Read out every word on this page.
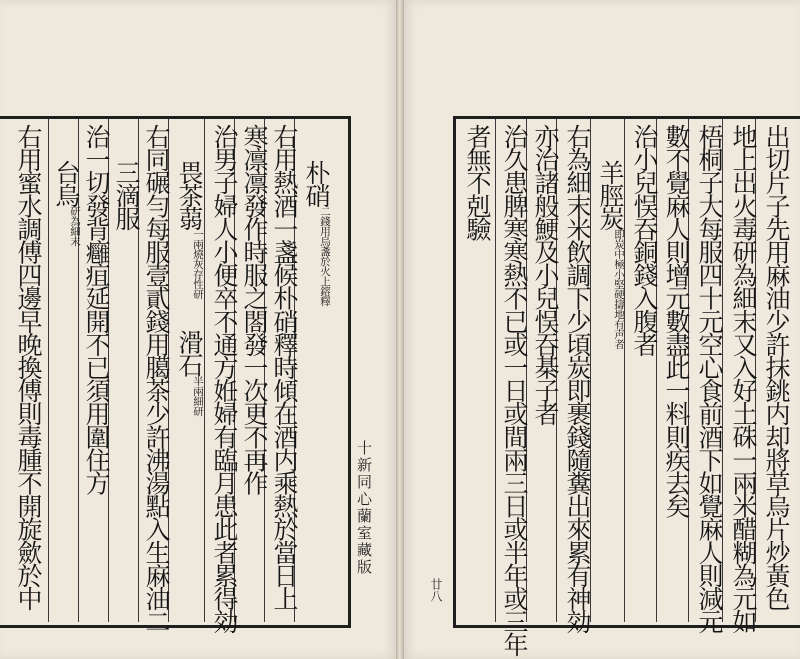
出切片子先用麻油少許抹銚内却將草烏片炒黃色
地上出火毒研為細末又入好土硃一兩米醋糊為元如
梧桐子大每服四十元空心食前酒下如覺麻人則減元
數不覺麻人則增元數盡此一料則疾去矣
治小兒悮吞銅錢入腹者
羊脛炭即炭中極小堅硬擣地有声者
右為細末米飲調下少頃炭即裹錢隨糞出來累有神効
亦治諸般鯁及小兒悮吞棊子者
治久患脾寒寒熱不已或一日或間兩三日或半年或三年
者無不剋驗
朴硝二錢用烏盞於火上鎔釋
右用熱酒一盞候朴硝釋時傾在酒内乘熱於當日上
寒凛凛發作時服之閤發一次更不再作
治男子婦人小便卒不通方姙婦有臨月患此者累得効
畏茶蒻一兩燒灰存性研滑石半兩細研
右同碾勻每服壹貳錢用臈茶少許沸湯點入生麻油二
三滴服
治一切發背癰疽延開不已須用圍住方
台烏研為細末
右用蜜水調傅四邊早晚換傅則毒腫不開旋歛於中	十新同心蘭室藏版
廿八
